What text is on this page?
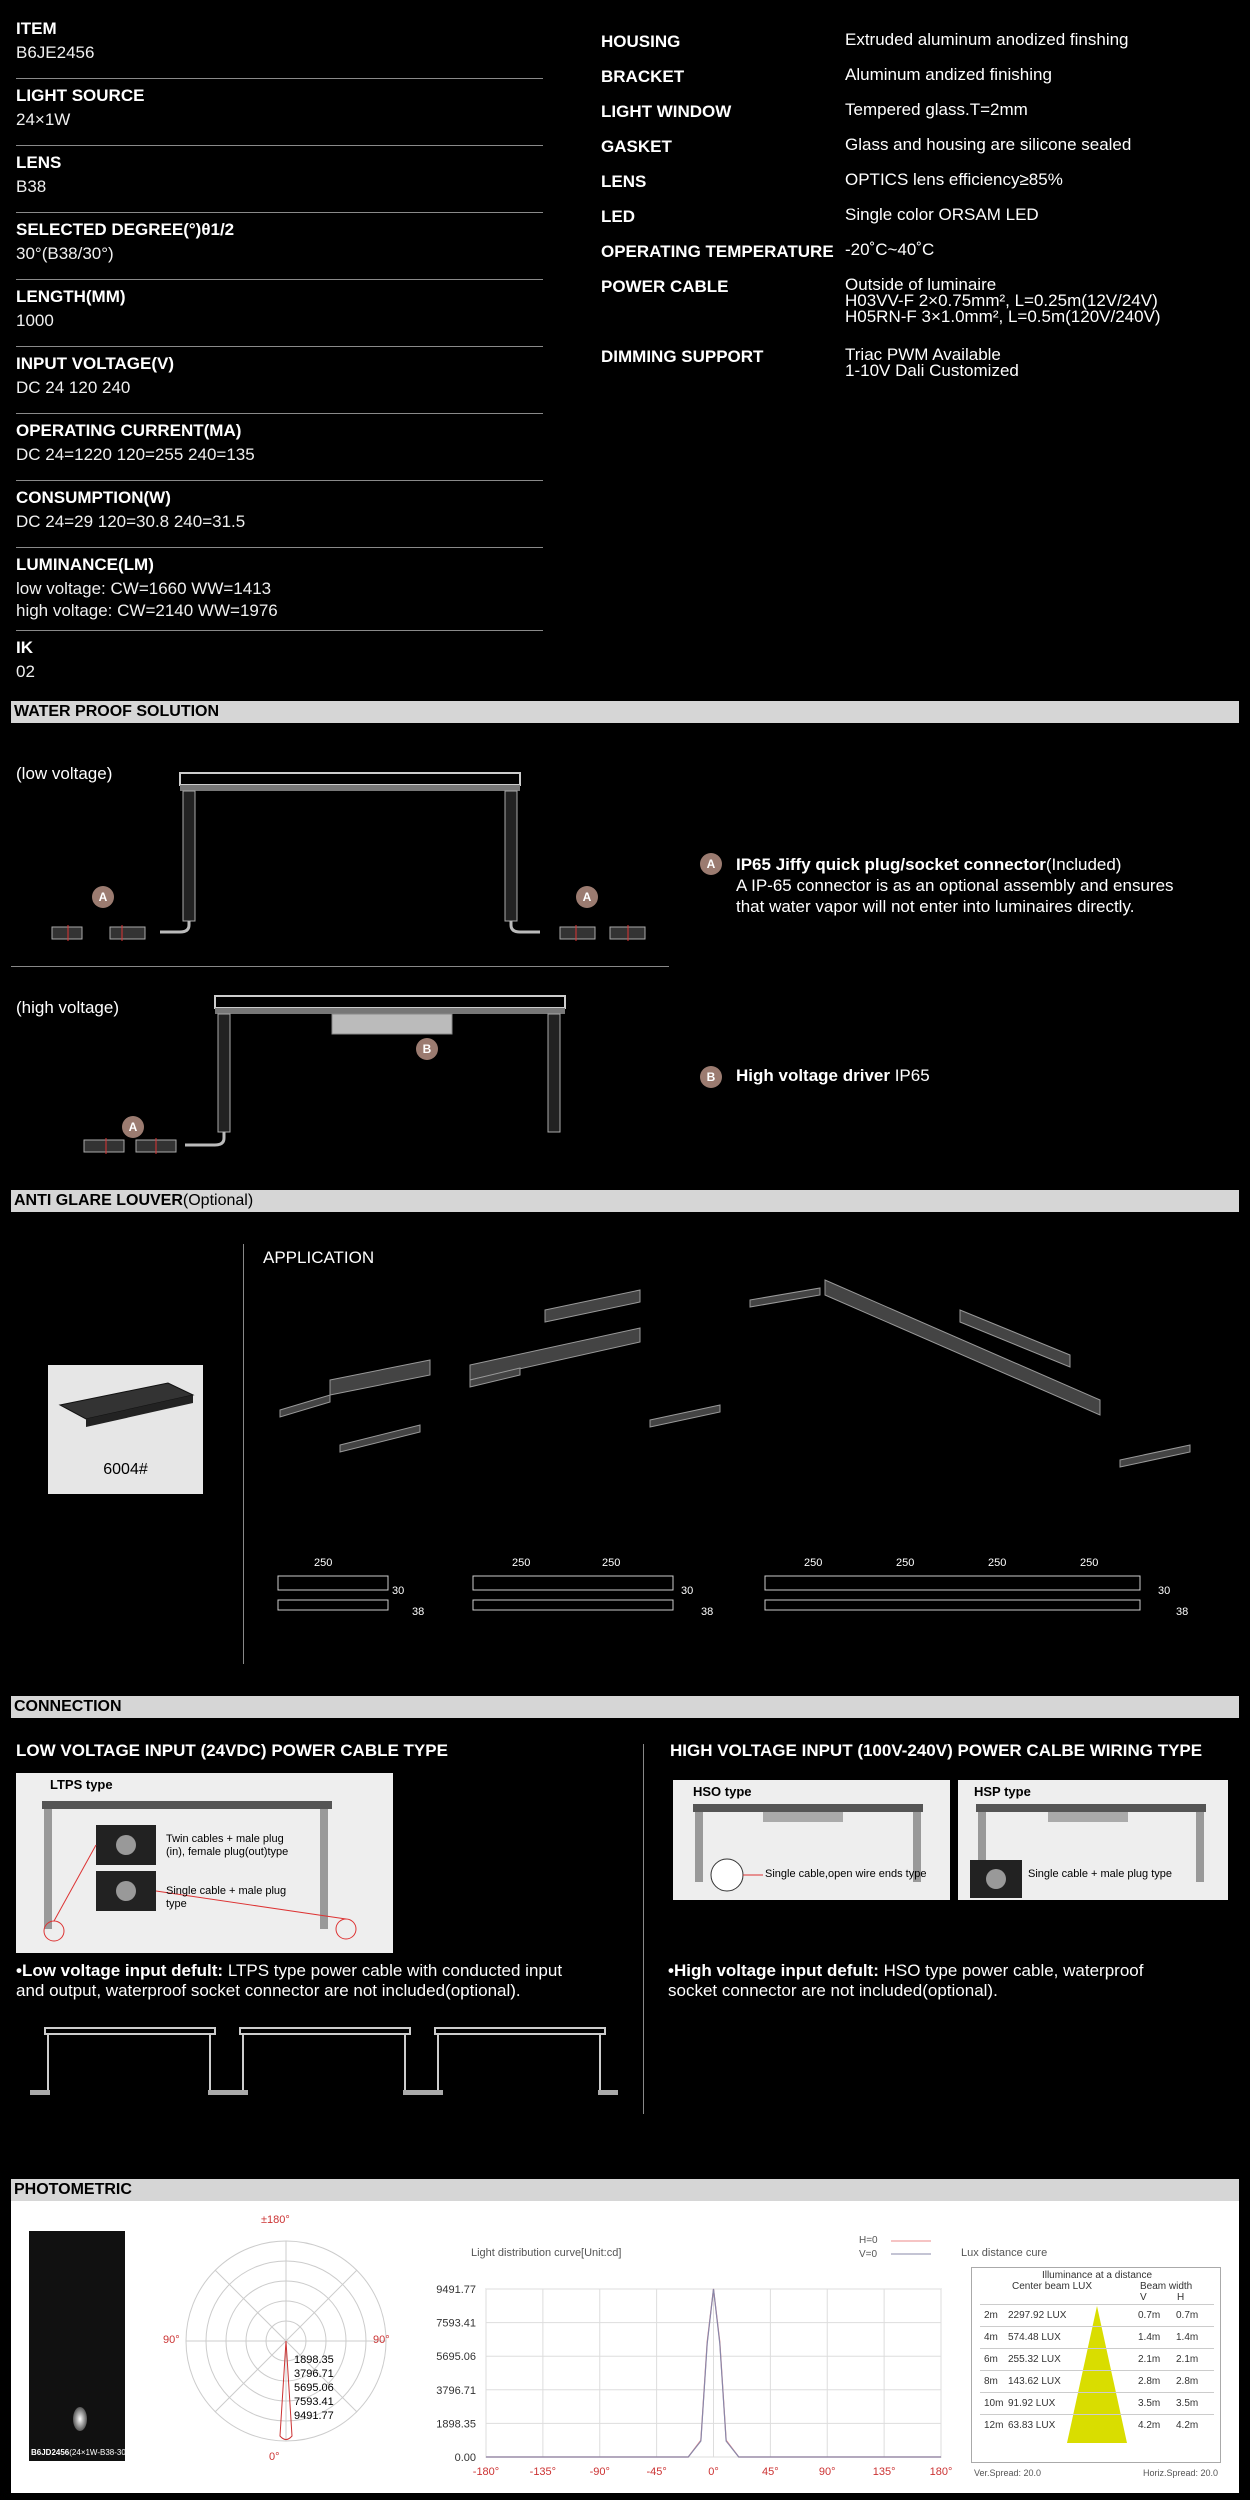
ITEM
B6JE2456
LIGHT SOURCE
24×1W
LENS
B38
SELECTED DEGREE(°)θ1/2
30°(B38/30°)
LENGTH(MM)
1000
INPUT VOLTAGE(V)
DC 24 120 240
OPERATING CURRENT(MA)
DC 24=1220 120=255 240=135
CONSUMPTION(W)
DC 24=29 120=30.8 240=31.5
LUMINANCE(LM)
low voltage: CW=1660 WW=1413
high voltage: CW=2140 WW=1976
IK
02
HOUSING	Extruded aluminum anodized finshing
BRACKET	Aluminum andized finishing
LIGHT WINDOW	Tempered glass.T=2mm
GASKET	Glass and housing are silicone sealed
LENS	OPTICS lens efficiency≥85%
LED	Single color ORSAM LED
OPERATING TEMPERATURE -20˚C~40˚C
POWER CABLE	Outside of luminaire
H03VV-F 2×0.75mm², L=0.25m(12V/24V)
H05RN-F 3×1.0mm², L=0.5m(120V/240V)
DIMMING SUPPORT	Triac PWM Available
1-10V Dali Customized
WATER PROOF SOLUTION
(low voltage)
A	A
(high voltage)
B
A
A	IP65 Jiffy quick plug/socket connector(Included)
A IP-65 connector is as an optional assembly and ensures
that water vapor will not enter into luminaires directly.
B	High voltage driver IP65
ANTI GLARE LOUVER(Optional)
APPLICATION
6004#
250	250	250	250	250	250	250
30
38
30
38
30
38
CONNECTION
LOW VOLTAGE INPUT (24VDC) POWER CABLE TYPE	HIGH VOLTAGE INPUT (100V-240V) POWER CALBE WIRING TYPE
LTPS type
Twin cables + male plug
(in), female plug(out)type
Single cable + male plug
type
HSO type
Single cable,open wire ends type
HSP type
Single cable + male plug type
•Low voltage input defult: LTPS type power cable with conducted input
and output, waterproof socket connector are not included(optional).
•High voltage input defult: HSO type power cable, waterproof
socket connector are not included(optional).
PHOTOMETRIC
B6JD2456(24×1W-B38-30°)
±180°
90°	90°
0°
1898.35
3796.71
5695.06
7593.41
9491.77
Light distribution curve[Unit:cd]
H=0
V=0
0.00
1898.35
3796.71
5695.06
7593.41
9491.77
-180°	-135°	-90°	-45°	0°	45°	90°	135°	180°
Lux distance cure
Illuminance at a distance
Center beam LUX	Beam width
V	H
2m 2297.92 LUX	0.7m 0.7m
4m 574.48 LUX	1.4m 1.4m
6m 255.32 LUX	2.1m 2.1m
8m 143.62 LUX	2.8m 2.8m
10m 91.92 LUX	3.5m 3.5m
12m 63.83 LUX	4.2m 4.2m
Ver.Spread: 20.0	Horiz.Spread: 20.0
